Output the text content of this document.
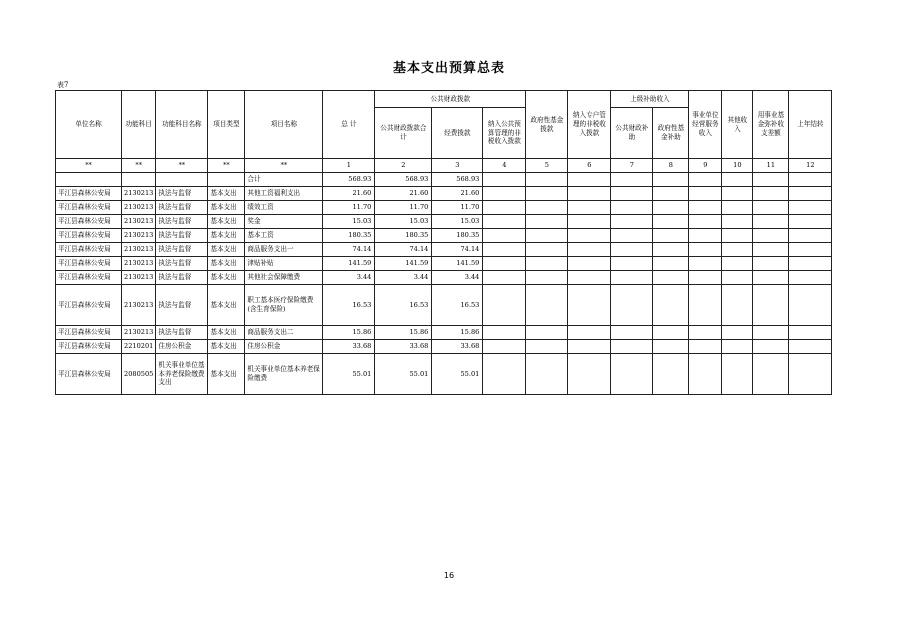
基本支出预算总表
表7
单位名称	功能科目	功能科目名称	项目类型	项目名称	总 计	公共财政拨款			政府性基金拨款	纳入专户管理的非税收入拨款	上级补助收入		事业单位经营服务收入	其他收入	用事业基金弥补收支差额	上年结转
						公共财政拨款合计	经费拨款	纳入公共预算管理的非税收入拨款			公共财政补助	政府性基金补助				
**	**	**	**	**	1	2	3	4	5	6	7	8	9	10	11	12
				合计	568.93	568.93	568.93									
平江县森林公安局	2130213	执法与监督	基本支出	其他工资福利支出	21.60	21.60	21.60									
平江县森林公安局	2130213	执法与监督	基本支出	绩效工资	11.70	11.70	11.70									
平江县森林公安局	2130213	执法与监督	基本支出	奖金	15.03	15.03	15.03									
平江县森林公安局	2130213	执法与监督	基本支出	基本工资	180.35	180.35	180.35									
平江县森林公安局	2130213	执法与监督	基本支出	商品服务支出一	74.14	74.14	74.14									
平江县森林公安局	2130213	执法与监督	基本支出	津贴补贴	141.59	141.59	141.59									
平江县森林公安局	2130213	执法与监督	基本支出	其他社会保障缴费	3.44	3.44	3.44									
平江县森林公安局	2130213	执法与监督	基本支出	职工基本医疗保险缴费(含生育保险)	16.53	16.53	16.53									
平江县森林公安局	2130213	执法与监督	基本支出	商品服务支出二	15.86	15.86	15.86									
平江县森林公安局	2210201	住房公积金	基本支出	住房公积金	33.68	33.68	33.68									
平江县森林公安局	2080505	机关事业单位基本养老保险缴费支出	基本支出	机关事业单位基本养老保险缴费	55.01	55.01	55.01									
16
